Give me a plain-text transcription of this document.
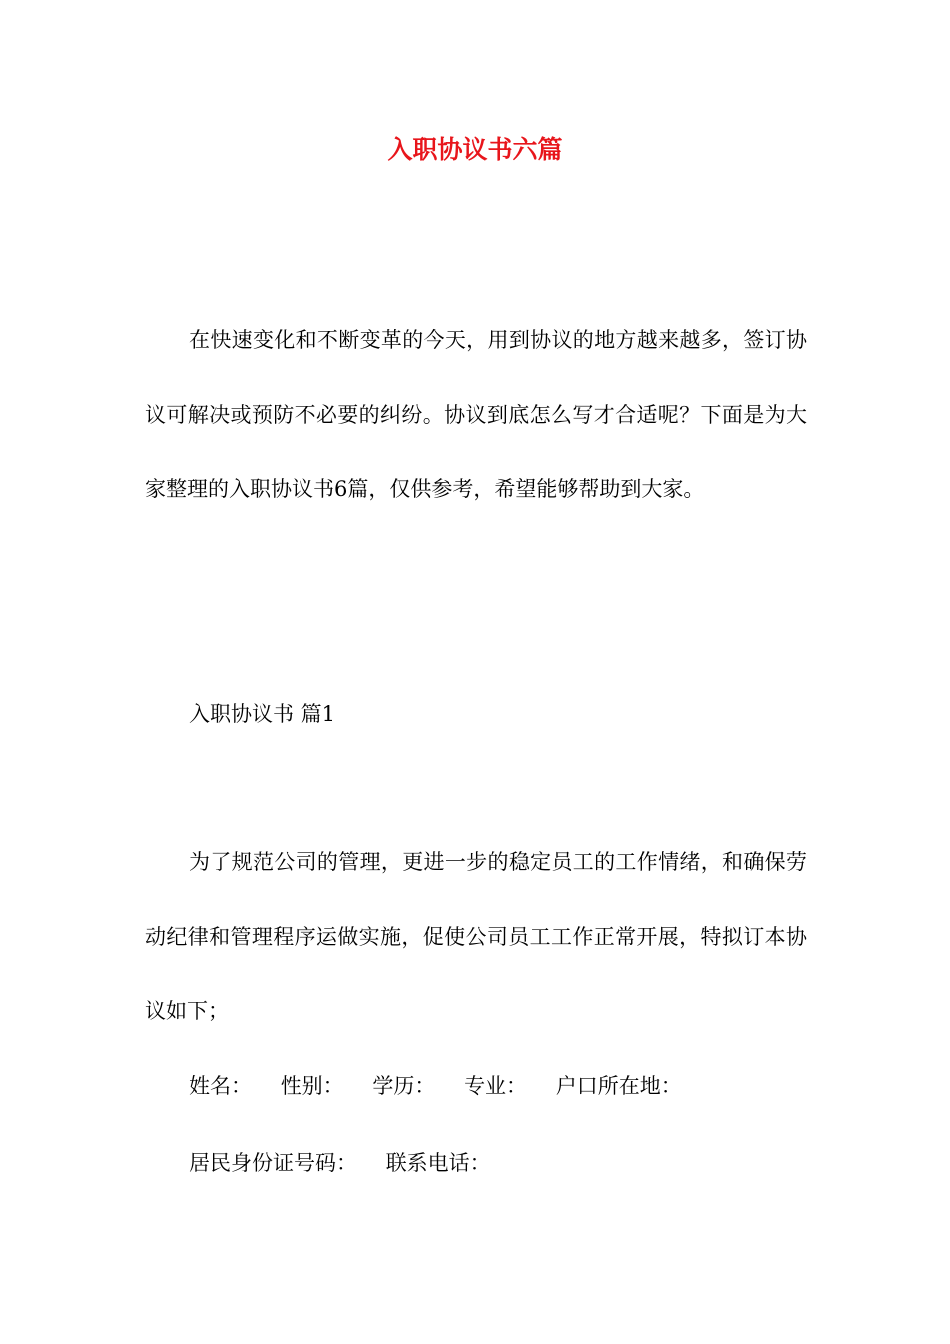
入职协议书六篇

在快速变化和不断变革的今天，用到协议的地方越来越多，签订协议可解决或预防不必要的纠纷。协议到底怎么写才合适呢？下面是为大家整理的入职协议书6篇，仅供参考，希望能够帮助到大家。

入职协议书 篇1

为了规范公司的管理，更进一步的稳定员工的工作情绪，和确保劳动纪律和管理程序运做实施，促使公司员工工作正常开展，特拟订本协议如下；

姓名： 性别： 学历： 专业： 户口所在地：

居民身份证号码： 联系电话：
